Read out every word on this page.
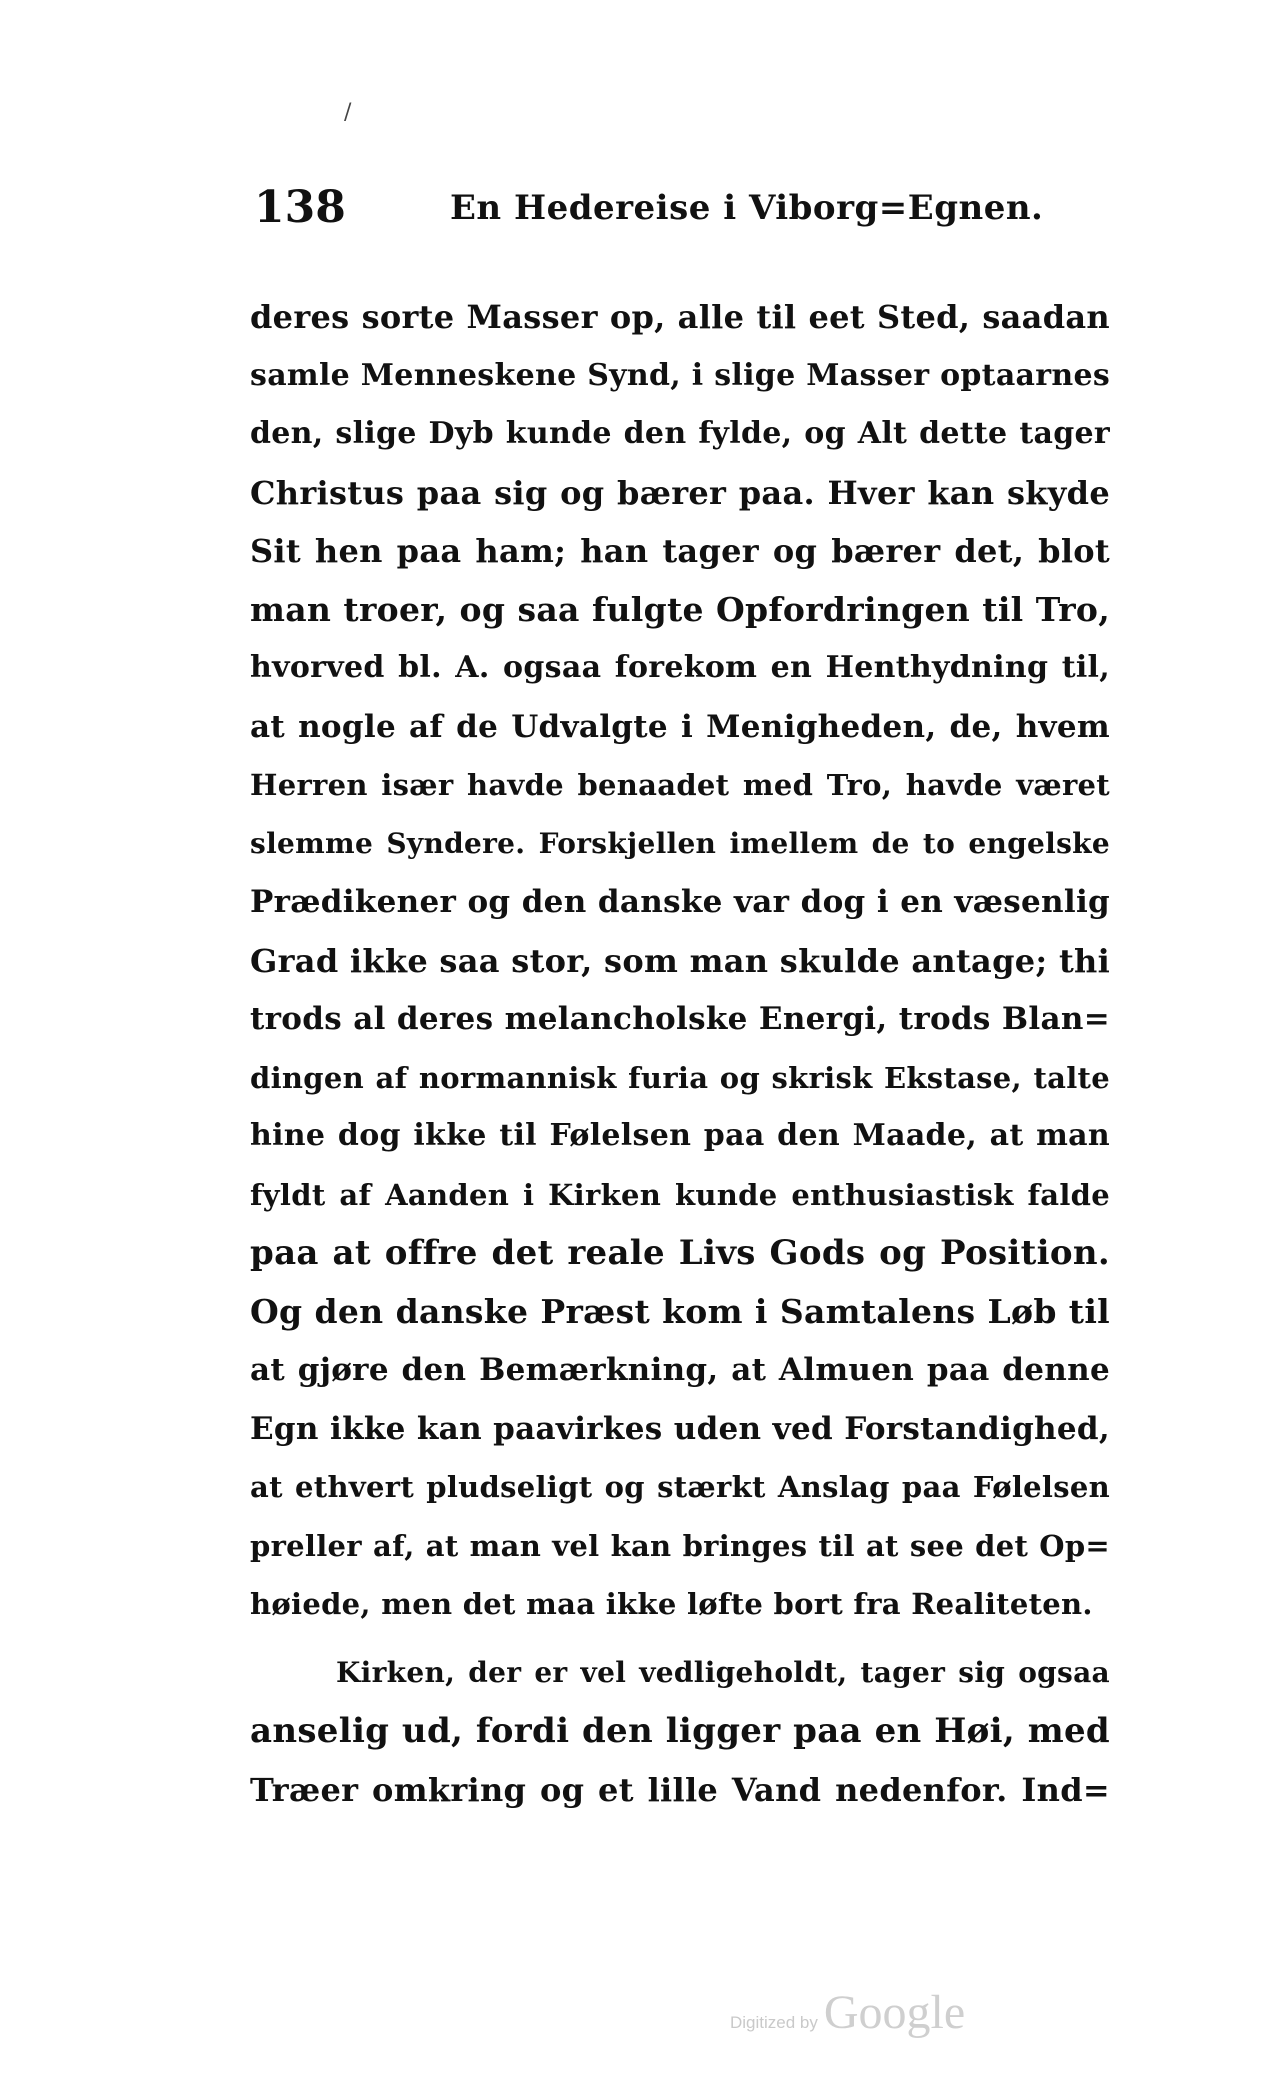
/
138	En Hedereise i Viborg=Egnen.
deres sorte Masser op, alle til eet Sted, saadan
samle Menneskene Synd, i slige Masser optaarnes
den, slige Dyb kunde den fylde, og Alt dette tager
Christus paa sig og bærer paa. Hver kan skyde
Sit hen paa ham; han tager og bærer det, blot
man troer, og saa fulgte Opfordringen til Tro,
hvorved bl. A. ogsaa forekom en Henthydning til,
at nogle af de Udvalgte i Menigheden, de, hvem
Herren især havde benaadet med Tro, havde været
slemme Syndere. Forskjellen imellem de to engelske
Prædikener og den danske var dog i en væsenlig
Grad ikke saa stor, som man skulde antage; thi
trods al deres melancholske Energi, trods Blan=
dingen af normannisk furia og skrisk Ekstase, talte
hine dog ikke til Følelsen paa den Maade, at man
fyldt af Aanden i Kirken kunde enthusiastisk falde
paa at offre det reale Livs Gods og Position.
Og den danske Præst kom i Samtalens Løb til
at gjøre den Bemærkning, at Almuen paa denne
Egn ikke kan paavirkes uden ved Forstandighed,
at ethvert pludseligt og stærkt Anslag paa Følelsen
preller af, at man vel kan bringes til at see det Op=
høiede, men det maa ikke løfte bort fra Realiteten.
Kirken, der er vel vedligeholdt, tager sig ogsaa
anselig ud, fordi den ligger paa en Høi, med
Træer omkring og et lille Vand nedenfor. Ind=
Digitized by Google
